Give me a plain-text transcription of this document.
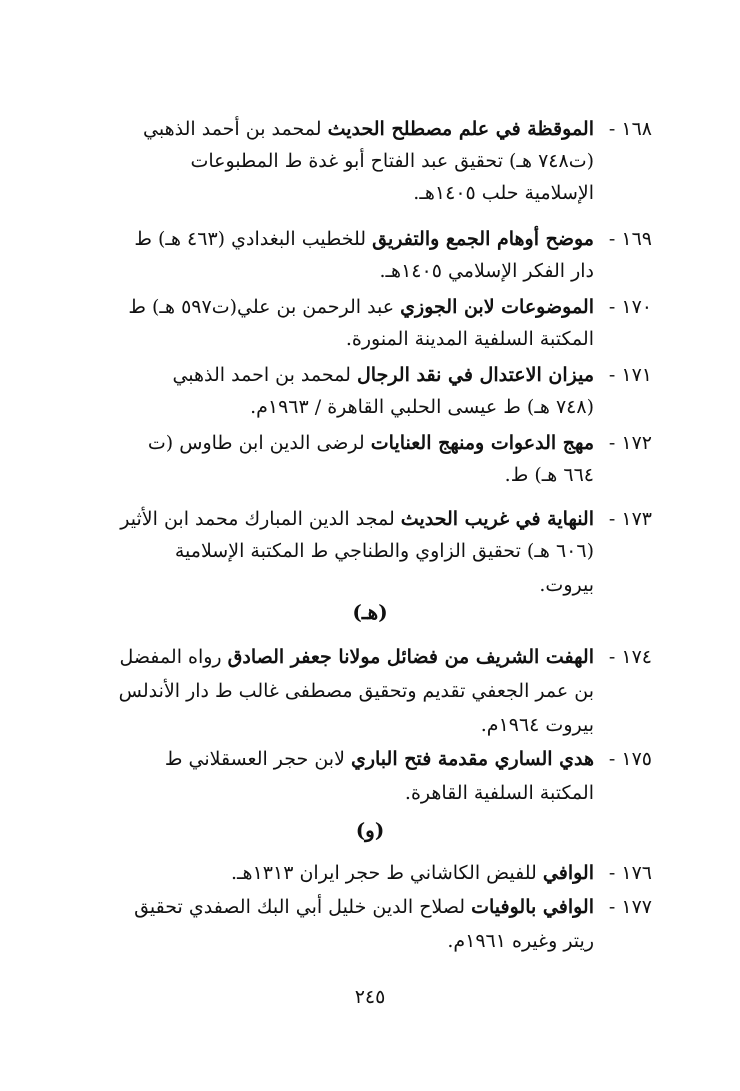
١٦٨ -
الموقظة في علم مصطلح الحديث لمحمد بن أحمد الذهبي
(ت٧٤٨ هـ) تحقيق عبد الفتاح أبو غدة ط المطبوعات
الإسلامية حلب ١٤٠٥هـ.
١٦٩ -
موضح أوهام الجمع والتفريق للخطيب البغدادي (٤٦٣ هـ) ط
دار الفكر الإسلامي ١٤٠٥هـ.
١٧٠ -
الموضوعات لابن الجوزي عبد الرحمن بن علي(ت٥٩٧ هـ) ط
المكتبة السلفية المدينة المنورة.
١٧١ -
ميزان الاعتدال في نقد الرجال لمحمد بن احمد الذهبي
(٧٤٨ هـ) ط عيسى الحلبي القاهرة / ١٩٦٣م.
١٧٢ -
مهج الدعوات ومنهج العنايات لرضى الدين ابن طاوس (ت
٦٦٤ هـ) ط.
١٧٣ -
النهاية في غريب الحديث لمجد الدين المبارك محمد ابن الأثير
(٦٠٦ هـ) تحقيق الزاوي والطناجي ط المكتبة الإسلامية
بيروت.
(هـ)
١٧٤ -
الهفت الشريف من فضائل مولانا جعفر الصادق رواه المفضل
بن عمر الجعفي تقديم وتحقيق مصطفى غالب ط دار الأندلس
بيروت ١٩٦٤م.
١٧٥ -
هدي الساري مقدمة فتح الباري لابن حجر العسقلاني ط
المكتبة السلفية القاهرة.
(و)
١٧٦ -
الوافي للفيض الكاشاني ط حجر ايران ١٣١٣هـ.
١٧٧ -
الوافي بالوفيات لصلاح الدين خليل أبي البك الصفدي تحقيق
ريتر وغيره ١٩٦١م.
٢٤٥
